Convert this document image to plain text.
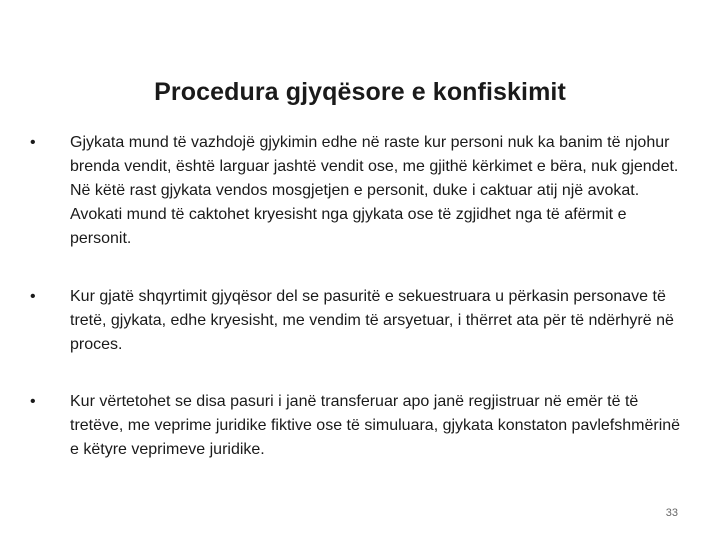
Procedura gjyqësore e konfiskimit
•	Gjykata mund të vazhdojë gjykimin edhe në raste kur personi nuk ka banim të njohur brenda vendit, është larguar jashtë vendit ose, me gjithë kërkimet e bëra, nuk gjendet. Në këtë rast gjykata vendos mosgjetjen e personit, duke i caktuar atij një avokat. Avokati mund të caktohet kryesisht nga gjykata ose të zgjidhet nga të afërmit e personit.
•	Kur gjatë shqyrtimit gjyqësor del se pasuritë e sekuestruara u përkasin personave të tretë, gjykata, edhe kryesisht, me vendim të arsyetuar, i thërret ata për të ndërhyrë në proces.
•	Kur vërtetohet se disa pasuri i janë transferuar apo janë regjistruar në emër të të tretëve, me veprime juridike fiktive ose të simuluara, gjykata konstaton pavlefshmërinë e këtyre veprimeve juridike.
33
